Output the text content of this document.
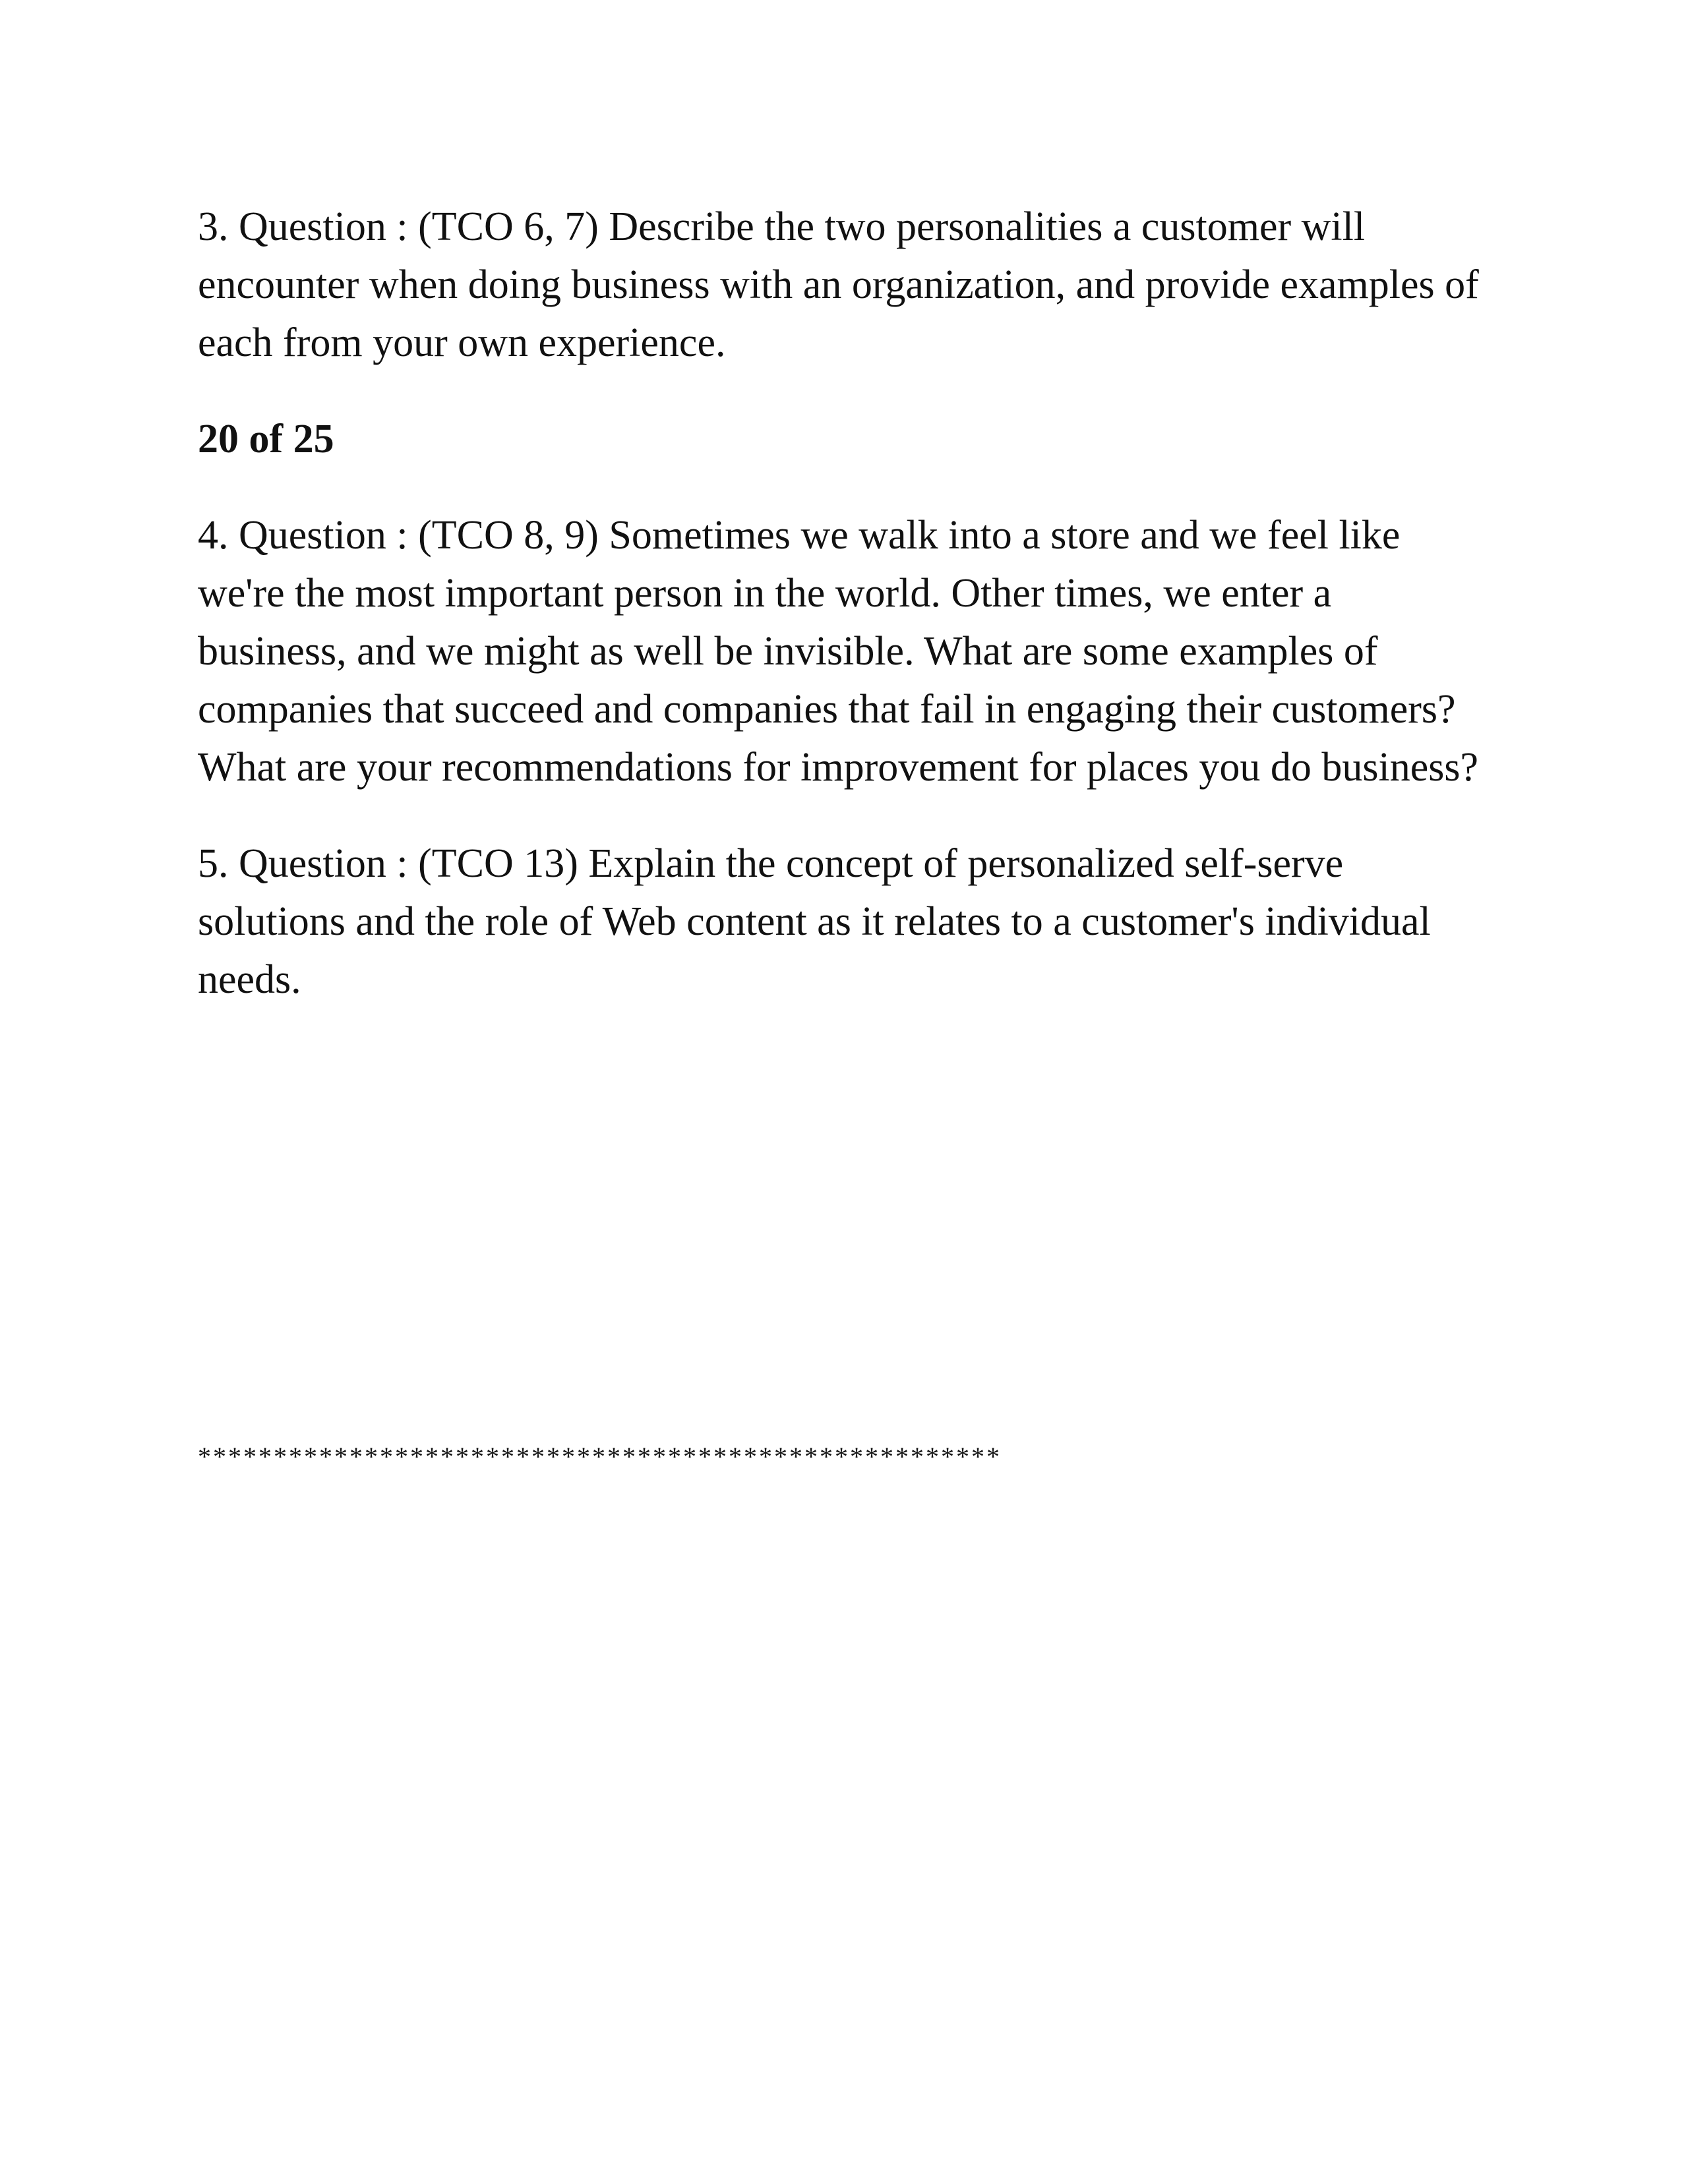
3. Question : (TCO 6, 7) Describe the two personalities a customer will encounter when doing business with an organization, and provide examples of each from your own experience.

20 of 25

4. Question : (TCO 8, 9) Sometimes we walk into a store and we feel like we're the most important person in the world. Other times, we enter a business, and we might as well be invisible. What are some examples of companies that succeed and companies that fail in engaging their customers? What are your recommendations for improvement for places you do business?

5. Question : (TCO 13) Explain the concept of personalized self-serve solutions and the role of Web content as it relates to a customer's individual needs.

*****************************************************
